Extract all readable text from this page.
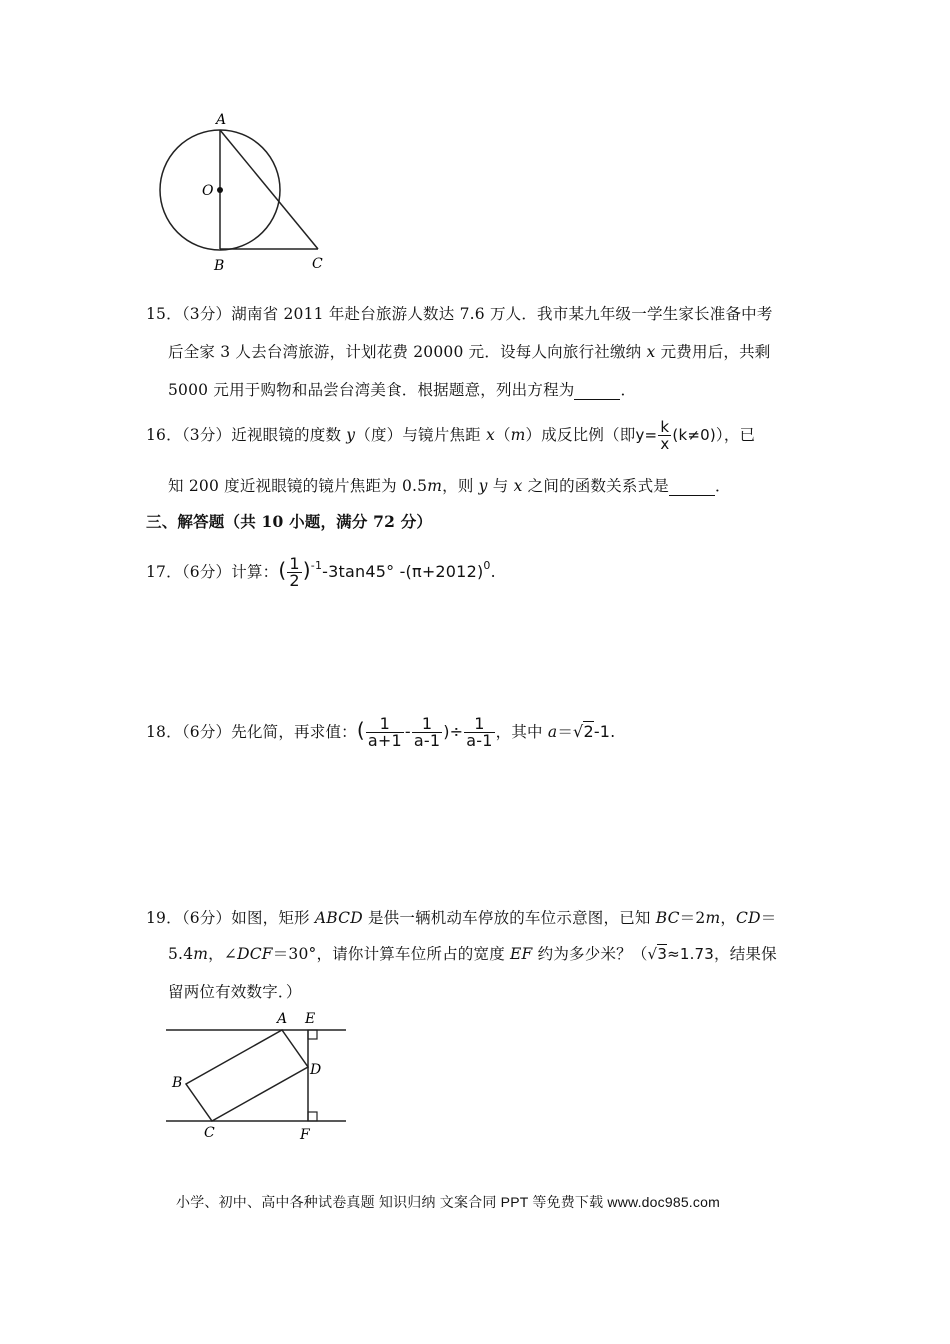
A
O
B	C
15．（3分）湖南省 2011 年赴台旅游人数达 7.6 万人．我市某九年级一学生家长准备中考
后全家 3 人去台湾旅游，计划花费 20000 元．设每人向旅行社缴纳 x 元费用后，共剩
5000 元用于购物和品尝台湾美食．根据题意，列出方程为	．
16．（3分）近视眼镜的度数 y（度）与镜片焦距 x（m）成反比例（即$y= \frac{k}{x} (k\ne 0)$），已
知 200 度近视眼镜的镜片焦距为 0.5m，则 y 与 x 之间的函数关系式是	．
三、解答题（共 10 小题，满分 72 分）
17．（6分）计算：( $\frac{1}{2} )^{-1}-3\tan 45^\circ$ $-(\pi+2012)^0$.
18．（6分）先化简，再求值：( $\frac{1}{a+1} - \frac{1}{a-1}$ )÷ $\frac{1}{a-1}$ ，其中 a＝√2-1.
19．（6分）如图，矩形 ABCD 是供一辆机动车停放的车位示意图，已知 BC＝2m，CD＝
5.4m，∠DCF＝30°，请你计算车位所占的宽度 EF 约为多少米？（√3≈1.73，结果保
留两位有效数字．）
A E
B
D
C	F
小学、初中、高中各种试卷真题 知识归纳 文案合同 PPT 等免费下载 www.doc985.com
